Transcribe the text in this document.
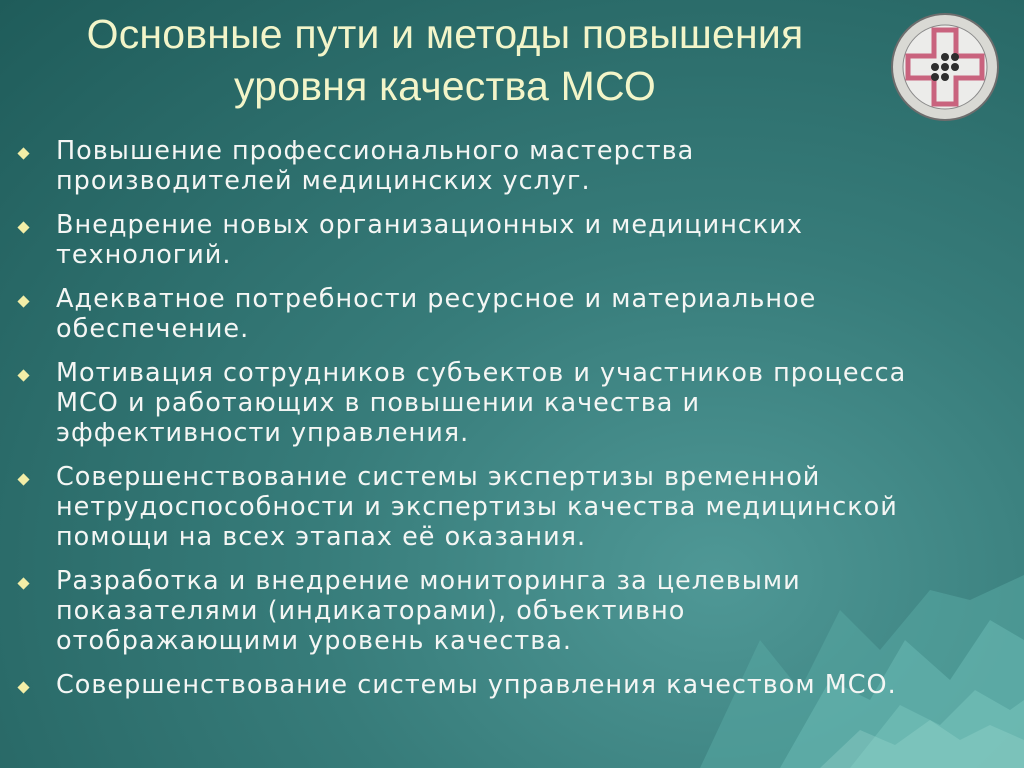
Основные пути и методы повышения
уровня качества МСО
Повышение профессионального мастерства
производителей медицинских услуг.
Внедрение новых организационных и медицинских
технологий.
Адекватное потребности ресурсное и материальное
обеспечение.
Мотивация сотрудников субъектов и участников процесса
МСО и работающих в повышении качества и
эффективности управления.
Совершенствование системы экспертизы временной
нетрудоспособности и экспертизы качества медицинской
помощи на всех этапах её оказания.
Разработка и внедрение мониторинга за целевыми
показателями (индикаторами), объективно
отображающими уровень качества.
Совершенствование системы управления качеством МСО.
